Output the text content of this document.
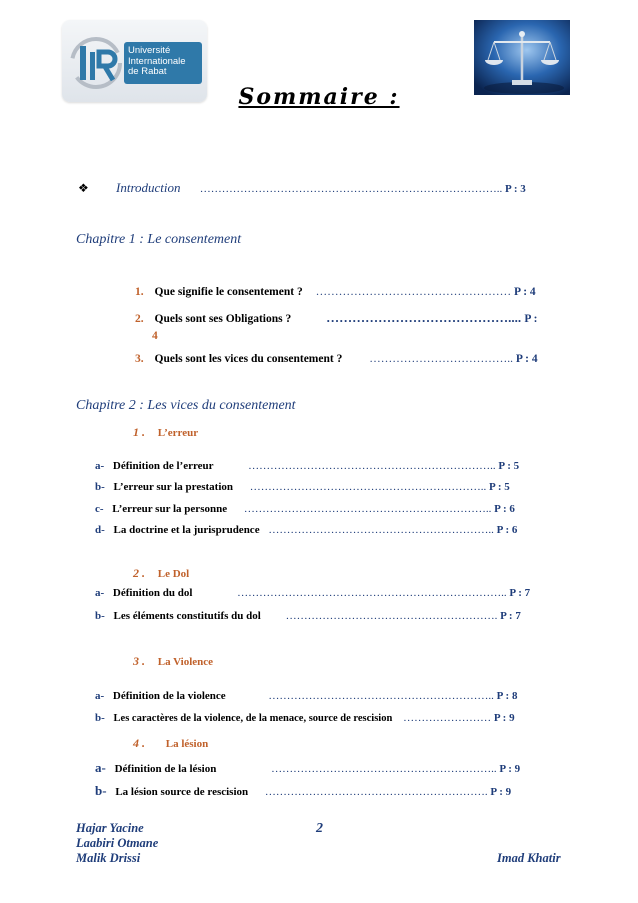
Université
Internationale
de Rabat
Sommaire :
❖ Introduction ……………………………………………………………………….. P : 3
Chapitre 1 : Le consentement
1. Que signifie le consentement ? …………………………………………… P : 4
2. Quels sont ses Obligations ?	…………………………………….... P :
4
3. Quels sont les vices du consentement ? ……………………………….. P : 4
Chapitre 2 : Les vices du consentement
1 . L’erreur
a- Définition de l’erreur	………………………………………………………….. P : 5
b- L’erreur sur la prestation ……………………………………………………….. P : 5
c- L’erreur sur la personne ………………………………………………………….. P : 6
d- La doctrine et la jurisprudence …………………………………………………….. P : 6
2 . Le Dol
a- Définition du dol	……………………………………………………………….. P : 7
b- Les éléments constitutifs du dol …………………………………………………. P : 7
3 . La Violence
a- Définition de la violence	…………………………………………………….. P : 8
b- Les caractères de la violence, de la menace, source de rescision …………………… P : 9
4 . La lésion
a- Définition de la lésion	…………………………………………………….. P : 9
b- La lésion source de rescision ……………………………………………………. P : 9
Hajar Yacine
Laabiri Otmane
Malik Drissi
2
Imad Khatir
